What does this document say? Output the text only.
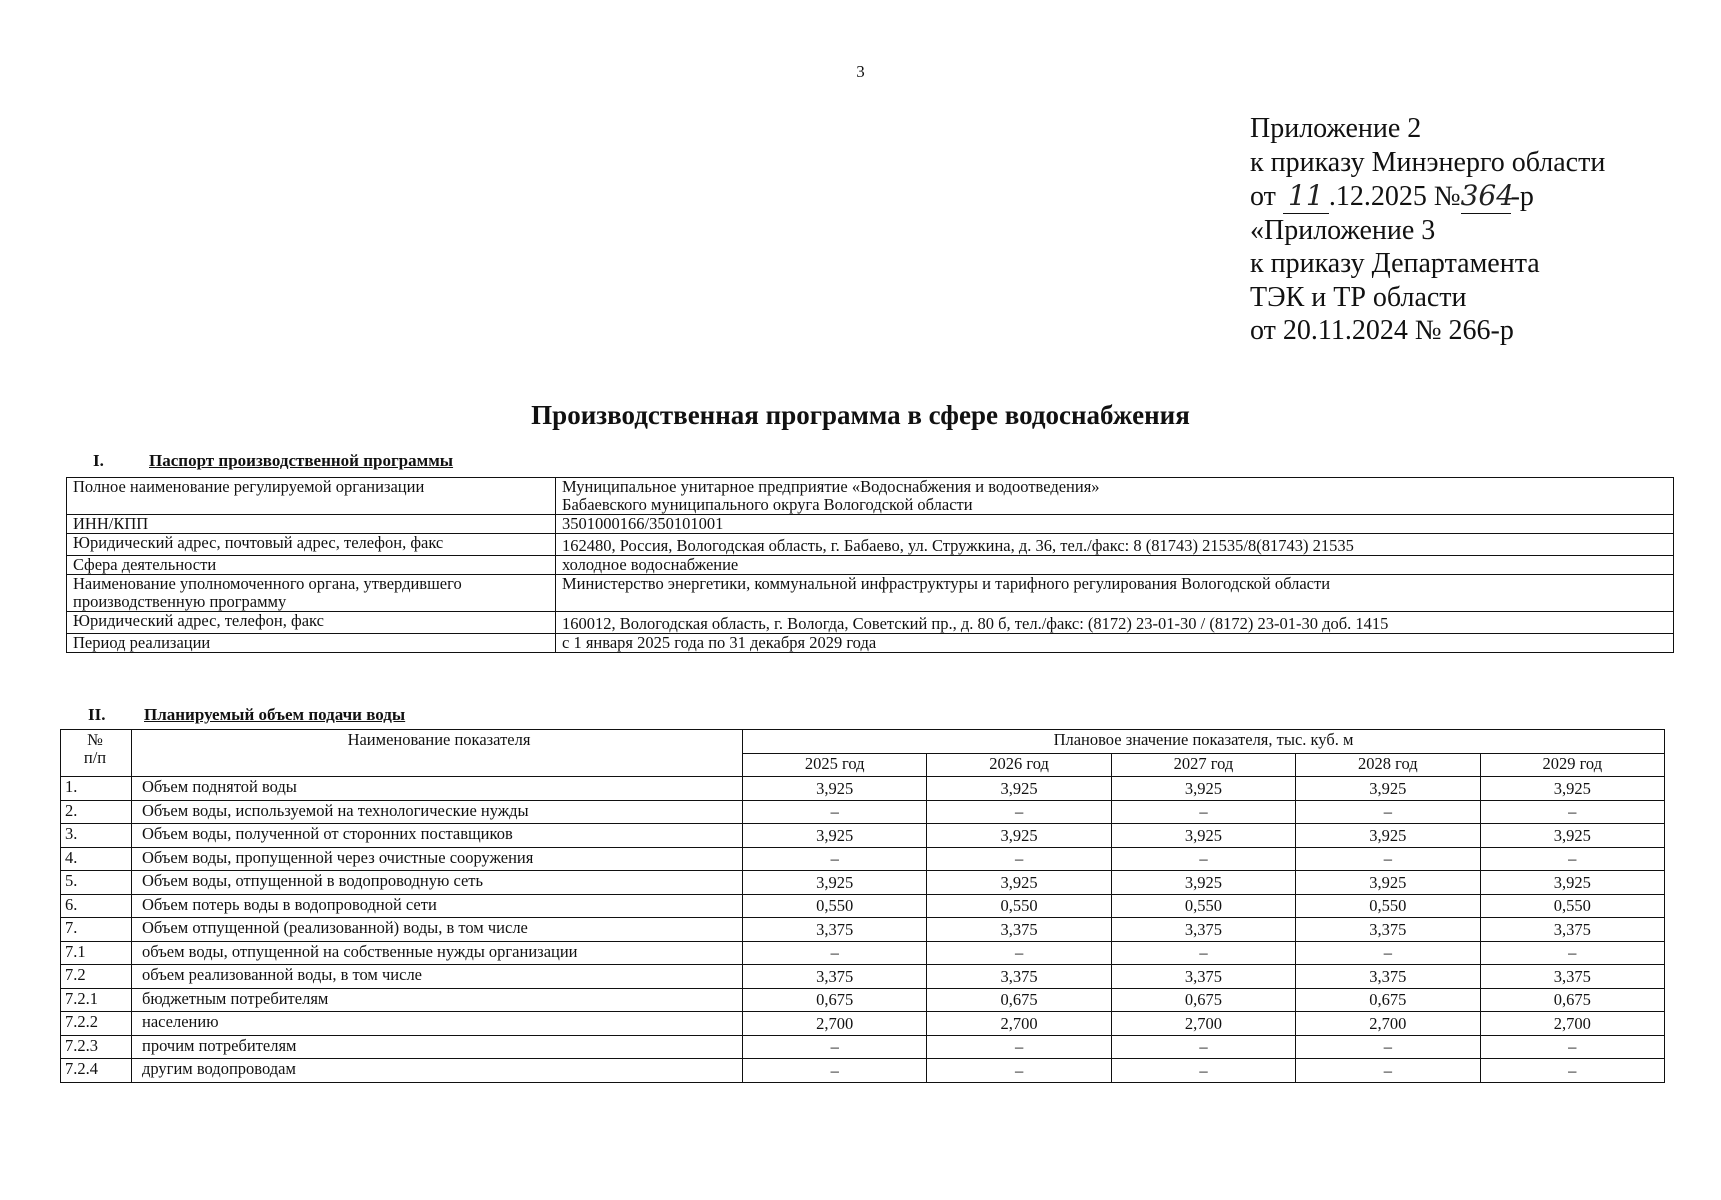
3
Приложение 2
к приказу Минэнерго области
от 11 .12.2025 №364-р
«Приложение 3
к приказу Департамента
ТЭК и ТР области
от 20.11.2024 № 266-р
Производственная программа в сфере водоснабжения
I.	Паспорт производственной программы
Полное наименование регулируемой организации	Муниципальное унитарное предприятие «Водоснабжения и водоотведения»
Бабаевского муниципального округа Вологодской области
ИНН/КПП	3501000166/350101001
Юридический адрес, почтовый адрес, телефон, факс	162480, Россия, Вологодская область, г. Бабаево, ул. Стружкина, д. 36, тел./факс: 8 (81743) 21535/8(81743) 21535
Сфера деятельности	холодное водоснабжение
Наименование уполномоченного органа, утвердившего
производственную программу	Министерство энергетики, коммунальной инфраструктуры и тарифного регулирования Вологодской области
Юридический адрес, телефон, факс	160012, Вологодская область, г. Вологда, Советский пр., д. 80 б, тел./факс: (8172) 23-01-30 / (8172) 23-01-30 доб. 1415
Период реализации	с 1 января 2025 года по 31 декабря 2029 года
II. Планируемый объем подачи воды
№
п/п	Наименование показателя	Плановое значение показателя, тыс. куб. м				
		2025 год	2026 год	2027 год	2028 год	2029 год
1.	Объем поднятой воды	3,925	3,925	3,925	3,925	3,925
2.	Объем воды, используемой на технологические нужды	–	–	–	–	–
3.	Объем воды, полученной от сторонних поставщиков	3,925	3,925	3,925	3,925	3,925
4.	Объем воды, пропущенной через очистные сооружения	–	–	–	–	–
5.	Объем воды, отпущенной в водопроводную сеть	3,925	3,925	3,925	3,925	3,925
6.	Объем потерь воды в водопроводной сети	0,550	0,550	0,550	0,550	0,550
7.	Объем отпущенной (реализованной) воды, в том числе	3,375	3,375	3,375	3,375	3,375
7.1	объем воды, отпущенной на собственные нужды организации	–	–	–	–	–
7.2	объем реализованной воды, в том числе	3,375	3,375	3,375	3,375	3,375
7.2.1	бюджетным потребителям	0,675	0,675	0,675	0,675	0,675
7.2.2	населению	2,700	2,700	2,700	2,700	2,700
7.2.3	прочим потребителям	–	–	–	–	–
7.2.4	другим водопроводам	–	–	–	–	–
